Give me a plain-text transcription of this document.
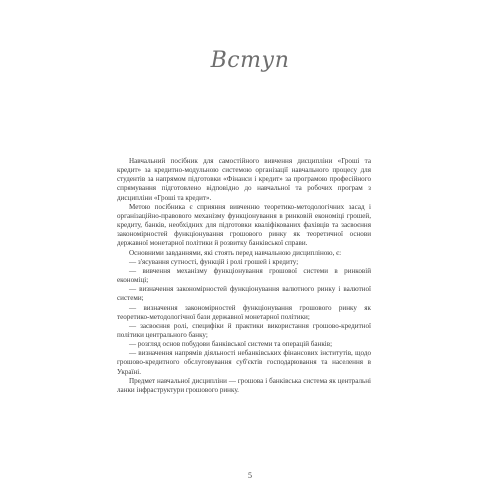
Вступ

Навчальний посібник для самостійного вивчення дисципліни «Гроші та кредит» за кредитно-модульною системою організації навчального процесу для студентів за напрямом підготовки «Фінанси і кредит» за програмою професійного спрямування підготовлено відповідно до навчальної та робочих програм з дисципліни «Гроші та кредит».

Метою посібника є сприяння вивченню теоретико-методологічних засад і організаційно-правового механізму функціонування в ринковій економіці грошей, кредиту, банків, необхідних для підготовки кваліфікованих фахівців та засвоєння закономірностей функціонування грошового ринку як теоретичної основи державної монетарної політики й розвитку банківської справи.

Основними завданнями, які стоять перед навчальною дисципліною, є:

— з'ясування сутності, функцій і ролі грошей і кредиту;

— вивчення механізму функціонування грошової системи в ринковій економіці;

— визначення закономірностей функціонування валютного ринку і валютної системи;

— визначення закономірностей функціонування грошового ринку як теоретико-методологічної бази державної монетарної політики;

— засвоєння ролі, специфіки й практики використання грошово-кредитної політики центрального банку;

— розгляд основ побудови банківської системи та операцій банків;

— визначення напрямів діяльності небанківських фінансових інститутів, щодо грошово-кредитного обслуговування суб'єктів господарювання та населення в Україні.

Предмет навчальної дисципліни — грошова і банківська система як центральні ланки інфраструктури грошового ринку.

5
